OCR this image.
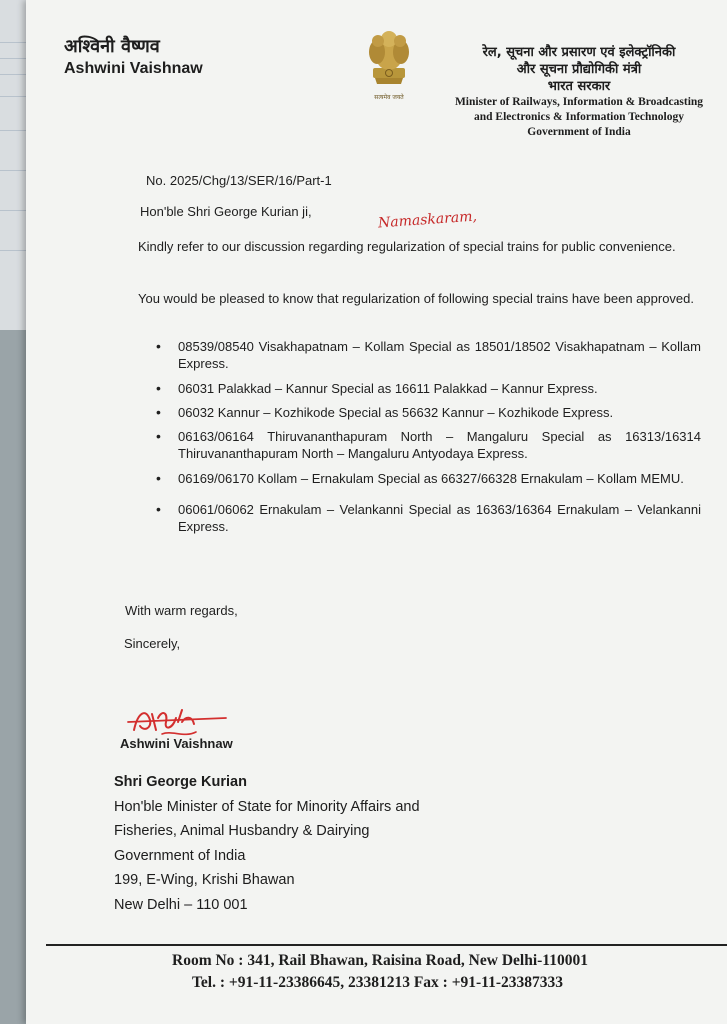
अश्विनी वैष्णव
Ashwini Vaishnaw
सत्यमेव जयते
रेल, सूचना और प्रसारण एवं इलेक्ट्रॉनिकी
और सूचना प्रौद्योगिकी मंत्री
भारत सरकार
Minister of Railways, Information & Broadcasting
and Electronics & Information Technology
Government of India
No. 2025/Chg/13/SER/16/Part-1
Hon'ble Shri George Kurian ji,	Namaskaram,
Kindly refer to our discussion regarding regularization of special trains for public convenience.
You would be pleased to know that regularization of following special trains have been approved.
• 08539/08540 Visakhapatnam – Kollam Special as 18501/18502 Visakhapatnam – Kollam Express.
• 06031 Palakkad – Kannur Special as 16611 Palakkad – Kannur Express.
• 06032 Kannur – Kozhikode Special as 56632 Kannur – Kozhikode Express.
• 06163/06164 Thiruvananthapuram North – Mangaluru Special as 16313/16314 Thiruvananthapuram North – Mangaluru Antyodaya Express.
• 06169/06170 Kollam – Ernakulam Special as 66327/66328 Ernakulam – Kollam MEMU.
• 06061/06062 Ernakulam – Velankanni Special as 16363/16364 Ernakulam – Velankanni Express.
With warm regards,
Sincerely,
Ashwini Vaishnaw
Shri George Kurian
Hon'ble Minister of State for Minority Affairs and
Fisheries, Animal Husbandry & Dairying
Government of India
199, E-Wing, Krishi Bhawan
New Delhi – 110 001
Room No : 341, Rail Bhawan, Raisina Road, New Delhi-110001
Tel. : +91-11-23386645, 23381213 Fax : +91-11-23387333
